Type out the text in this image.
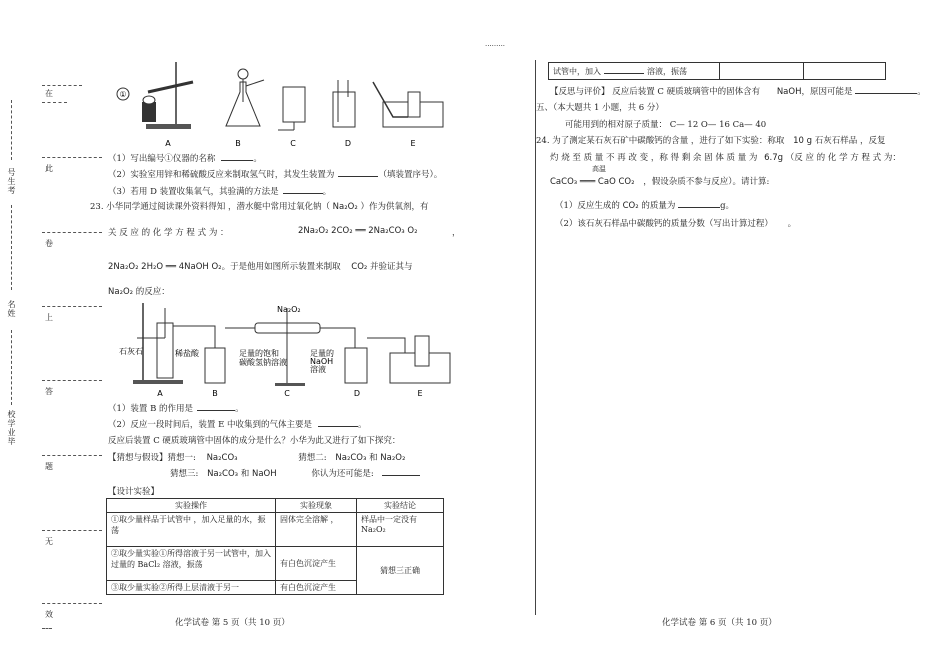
.........
在
此
卷
上
答
题
无
效
号生考
名姓
校学业毕
①
A	B	C	D	E
（1）写出编号①仪器的名称	。
（2）实验室用锌和稀硫酸反应来制取氢气时，其发生装置为	（填装置序号）。
（3）若用 D 装置收集氧气，其验满的方法是	。
23. 小华同学通过阅读课外资料得知 ，潜水艇中常用过氧化钠（ Na₂O₂ ）作为供氧剂，有
关 反 应 的 化 学 方 程 式 为 ：	2Na₂O₂ 2CO₂ ══ 2Na₂CO₃ O₂	，
2Na₂O₂ 2H₂O ══ 4NaOH O₂。于是他用如图所示装置来制取 CO₂ 并验证其与
Na₂O₂ 的反应：
石灰石	稀盐酸
A
足量的饱和
碳酸氢钠溶液
B
Na₂O₂
C
足量的
NaOH
溶液
D	E
（1）装置 B 的作用是	。
（2）反应一段时间后，装置 E 中收集到的气体主要是	。
反应后装置 C 硬质玻璃管中固体的成分是什么？小华为此又进行了如下探究：
【猜想与假设】猜想一: Na₂CO₃	猜想二: Na₂CO₃ 和 Na₂O₂
猜想三: Na₂CO₃ 和 NaOH	你认为还可能是:
【设计实验】
实验操作	实验现象	实验结论
①取少量样品于试管中 ，加入足量的水，振荡	固体完全溶解 ，	样品中一定没有 Na₂O₂
②取少量实验①所得溶液于另一试管中，加入过量的 BaCl₂ 溶液，振荡	有白色沉淀产生	猜想三正确
③取少量实验②所得上层清液于另一	有白色沉淀产生	
化学试卷 第 5 页（共 10 页）
试管中，加入	溶液，振荡		
【反思与评价】 反应后装置 C 硬质玻璃管中的固体含有 NaOH，原因可能是	。
五、（本大题共 1 小题，共 6 分）
可能用到的相对原子质量： C— 12 O— 16 Ca— 40
24. 为了测定某石灰石矿中碳酸钙的含量 ，进行了如下实验：称取 10 g 石灰石样品 ，反复
灼 烧 至 质 量 不 再 改 变 ，称 得 剩 余 固 体 质 量 为 6.7g （反 应 的 化 学 方 程 式 为：
高温
CaCO₃ ═══ CaO CO₂ ，假设杂质不参与反应）。请计算:
（1）反应生成的 CO₂ 的质量为	g。
（2）该石灰石样品中碳酸钙的质量分数（写出计算过程） 。
化学试卷 第 6 页（共 10 页）
